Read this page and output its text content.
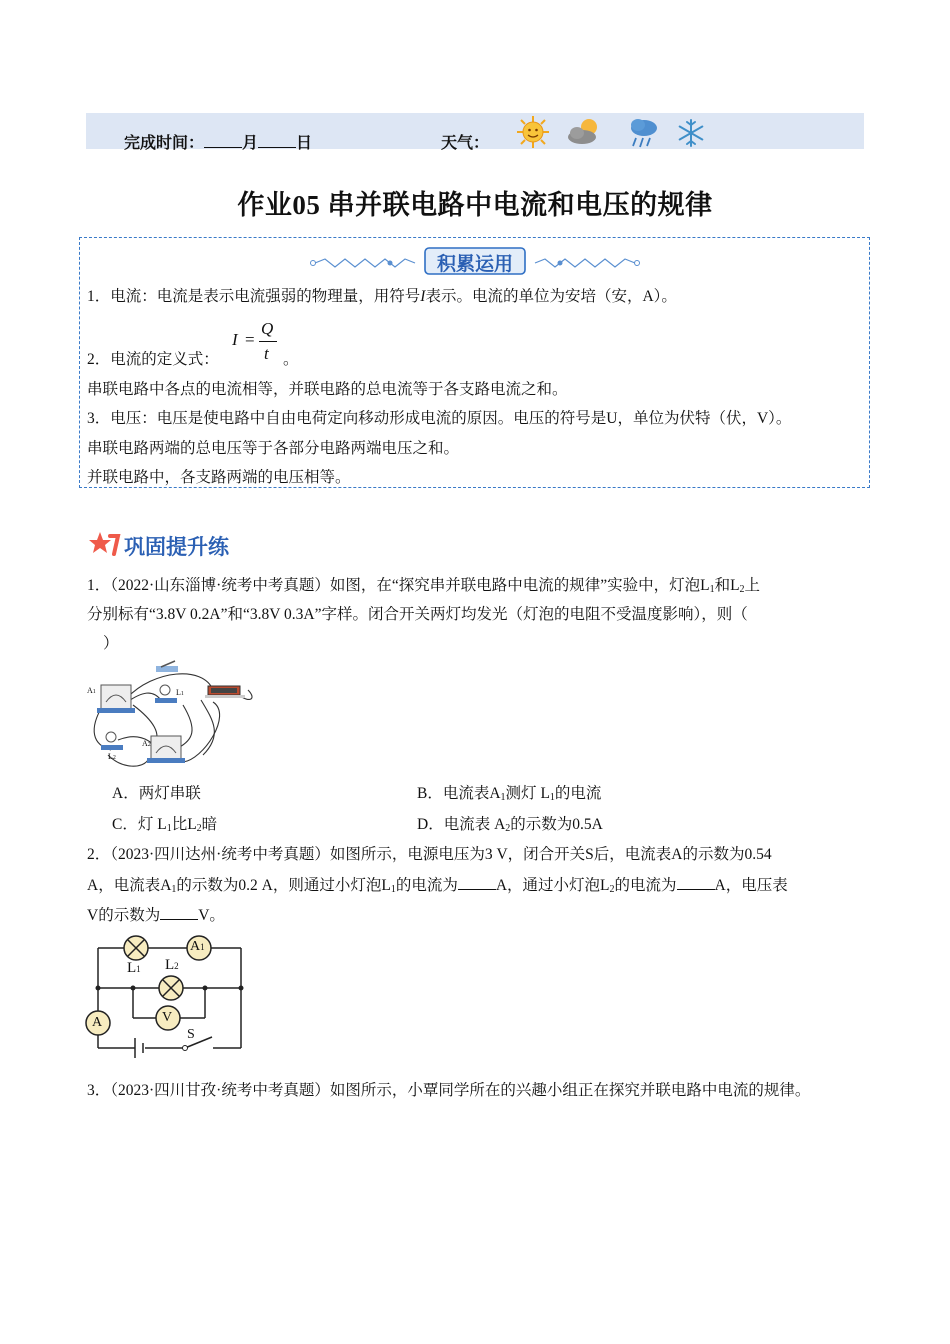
完成时间： 月 日	天气：
作业05 串并联电路中电流和电压的规律
积累运用
1．电流：电流是表示电流强弱的物理量，用符号I表示。电流的单位为安培（安，A）。
I =
Q
t
2．电流的定义式：	。
串联电路中各点的电流相等，并联电路的总电流等于各支路电流之和。
3．电压：电压是使电路中自由电荷定向移动形成电流的原因。电压的符号是U，单位为伏特（伏，V）。
串联电路两端的总电压等于各部分电路两端电压之和。
并联电路中，各支路两端的电压相等。
巩固提升练
1．（2022·山东淄博·统考中考真题）如图，在“探究串并联电路中电流的规律”实验中，灯泡$L_1$和$L_2$上
分别标有“3.8V 0.2A”和“3.8V 0.3A”字样。闭合开关两灯均发光（灯泡的电阻不受温度影响），则（
）
A1	L1
L2
A2
A．两灯串联	B．电流表$A_1$测灯 $L_1$的电流
C．灯 $L_1$比$L_2$暗	D．电流表 $A_2$的示数为0.5A
2．（2023·四川达州·统考中考真题）如图所示，电源电压为3 V，闭合开关S后，电流表A的示数为0.54
A，电流表$A_1$的示数为0.2 A，则通过小灯泡$L_1$的电流为 A，通过小灯泡$L_2$的电流为 A，电压表
V的示数为 V。
A1
L1 L2
V
A
S
3．（2023·四川甘孜·统考中考真题）如图所示，小覃同学所在的兴趣小组正在探究并联电路中电流的规律。
